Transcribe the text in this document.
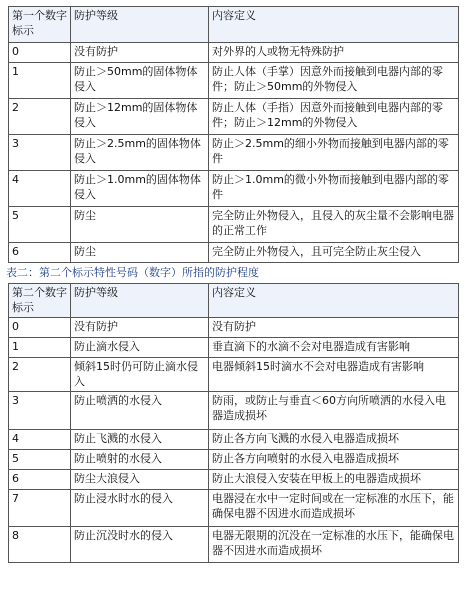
第一个数字标示	防护等级	内容定义
0	没有防护	对外界的人或物无特殊防护
1	防止＞50mm的固体物体侵入	防止人体（手掌）因意外而接触到电器内部的零件；防止＞50mm的外物侵入
2	防止＞12mm的固体物体侵入	防止人体（手指）因意外而接触到电器内部的零件；防止＞12mm的外物侵入
3	防止＞2.5mm的固体物体侵入	防止＞2.5mm的细小外物而接触到电器内部的零件
4	防止＞1.0mm的固体物体侵入	防止＞1.0mm的微小外物而接触到电器内部的零件
5	防尘	完全防止外物侵入，且侵入的灰尘量不会影响电器的正常工作
6	防尘	完全防止外物侵入，且可完全防止灰尘侵入
表二：第二个标示特性号码（数字）所指的防护程度
第二个数字标示	防护等级	内容定义
0	没有防护	没有防护
1	防止滴水侵入	垂直滴下的水滴不会对电器造成有害影响
2	倾斜15时仍可防止滴水侵入	电器倾斜15时滴水不会对电器造成有害影响
3	防止喷洒的水侵入	防雨，或防止与垂直＜60方向所喷洒的水侵入电器造成损坏
4	防止飞溅的水侵入	防止各方向飞溅的水侵入电器造成损坏
5	防止喷射的水侵入	防止各方向喷射的水侵入电器造成损坏
6	防尘大浪侵入	防止大浪侵入安装在甲板上的电器造成损坏
7	防止浸水时水的侵入	电器浸在水中一定时间或在一定标准的水压下，能确保电器不因进水而造成损坏
8	防止沉没时水的侵入	电器无限期的沉没在一定标准的水压下，能确保电器不因进水而造成损坏
